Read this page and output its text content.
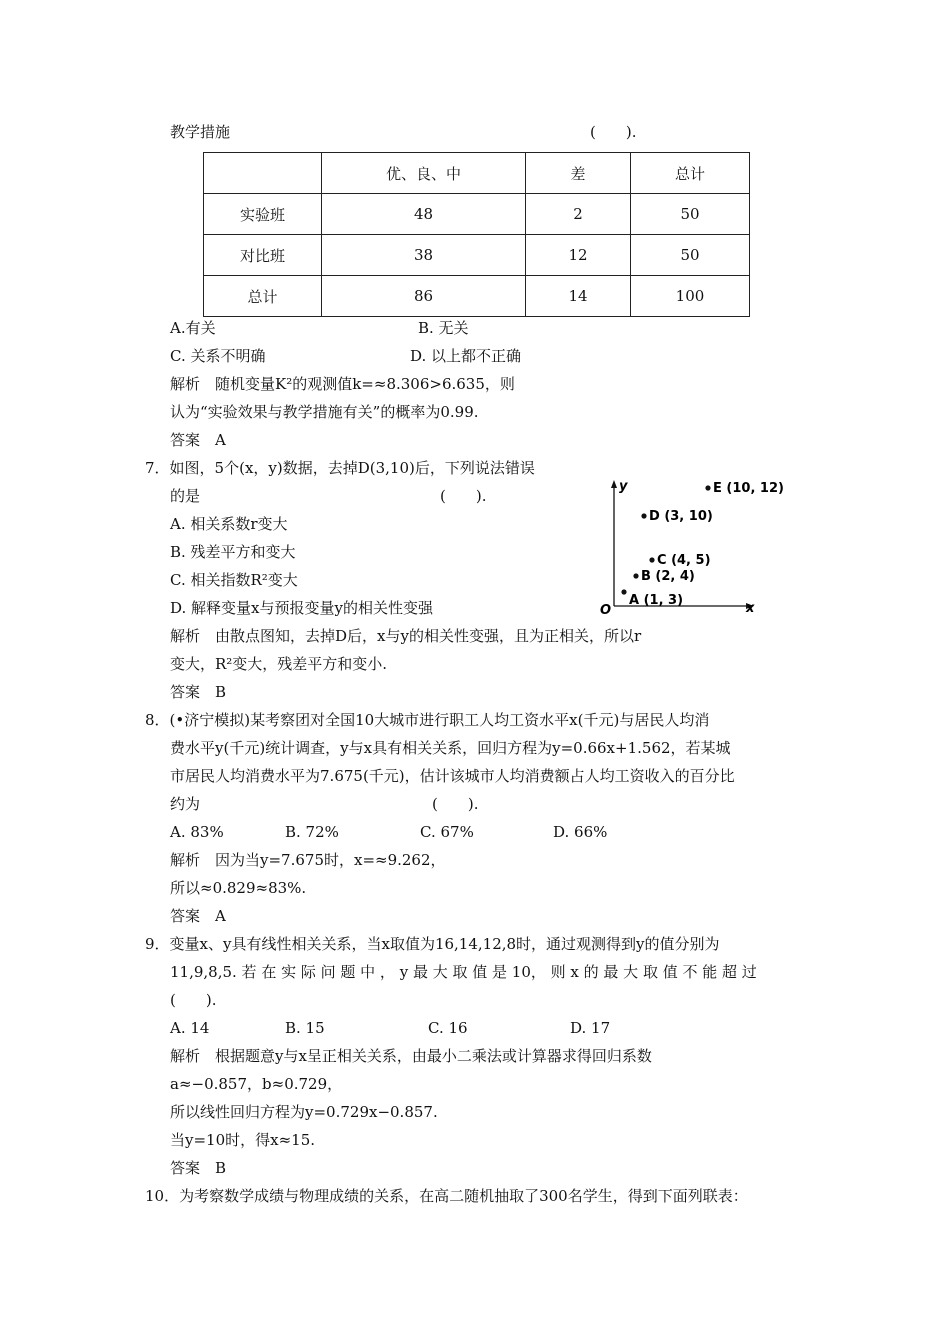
教学措施	(　　).
	优、良、中	差	总计
实验班	48	2	50
对比班	38	12	50
总计	86	14	100
A.有关	B. 无关
C. 关系不明确	D. 以上都不正确
解析　随机变量K²的观测值k=≈8.306>6.635，则
认为“实验效果与教学措施有关”的概率为0.99.
答案　A
7．如图，5个(x，y)数据，去掉D(3,10)后，下列说法错误
的是	(　　).
A. 相关系数r变大
B. 残差平方和变大
C. 相关指数R²变大
D. 解释变量x与预报变量y的相关性变强	x
y
O
A (1, 3)
B (2, 4)
C (4, 5)
D (3, 10)
E (10, 12)
解析　由散点图知，去掉D后，x与y的相关性变强，且为正相关，所以r
变大，R²变大，残差平方和变小.
答案　B
8．(•济宁模拟)某考察团对全国10大城市进行职工人均工资水平x(千元)与居民人均消
费水平y(千元)统计调查，y与x具有相关关系，回归方程为y=0.66x+1.562，若某城
市居民人均消费水平为7.675(千元)，估计该城市人均消费额占人均工资收入的百分比
约为	(　　).
A. 83%	B. 72%	C. 67%	D. 66%
解析　因为当y=7.675时，x=≈9.262，
所以≈0.829≈83%.
答案　A
9．变量x、y具有线性相关关系，当x取值为16,14,12,8时，通过观测得到y的值分别为
11,9,8,5. 若 在 实 际 问 题 中 ， y 最 大 取 值 是 10， 则 x 的 最 大 取 值 不 能 超 过
(　　).
A. 14	B. 15	C. 16	D. 17
解析　根据题意y与x呈正相关关系，由最小二乘法或计算器求得回归系数
a≈−0.857，b≈0.729，
所以线性回归方程为y=0.729x−0.857.
当y=10时，得x≈15.
答案　B
10．为考察数学成绩与物理成绩的关系，在高二随机抽取了300名学生，得到下面列联表：
